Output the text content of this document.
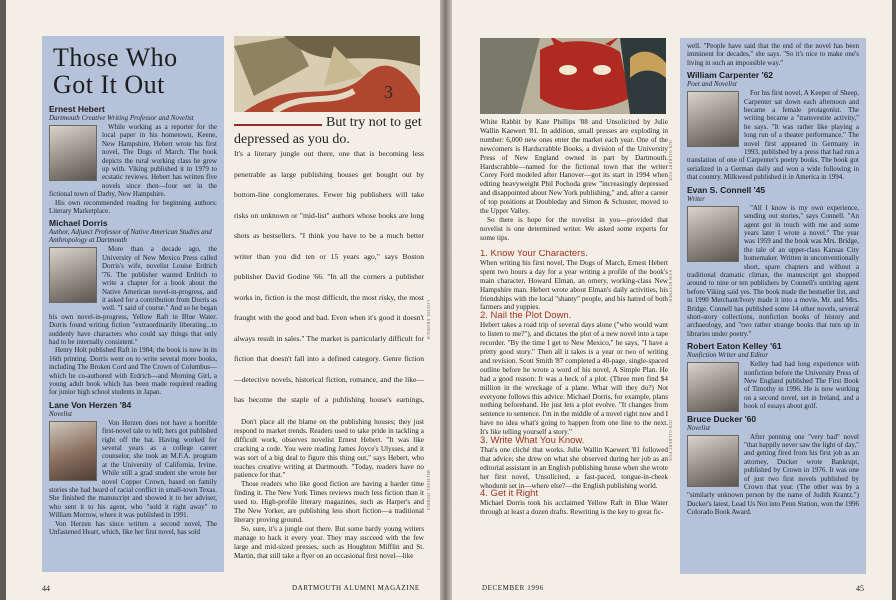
Those Who
Got It Out
Ernest Hebert
Dartmouth Creative Writing Professor and Novelist

While working as a reporter for the local paper in his hometown, Keene, New Hampshire, Hebert wrote his first novel, The Dogs of March. The book depicts the rural working class he grew up with. Viking published it in 1979 to ecstatic reviews. Hebert has written five novels since then—four set in the fictional town of Darby, New Hampshire.

His own recommended reading for beginning authors: Literary Marketplace.

Michael Dorris
Author, Adjunct Professor of Native American Studies and Anthropology at Dartmouth

More than a decade ago, the University of New Mexico Press called Dorris's wife, novelist Louise Erdrich '76. The publisher wanted Erdrich to write a chapter for a book about the Native American novel-in-progress, and it asked for a contribution from Dorris as well. "I said of course." And so he began his own novel-in-progress, Yellow Raft in Blue Water. Dorris found writing fiction "extraordinarily liberating...to suddenly have characters who could say things that only had to be internally consistent."

Henry Holt published Raft in 1984; the book is now in its 16th printing. Dorris went on to write several more books, including The Broken Cord and The Crown of Columbus—which he co-authored with Erdrich—and Morning Girl, a young adult book which has been made required reading for junior high school students in Japan.

Lane Von Herzen '84
Novelist

Von Herzen does not have a horrible first-novel tale to tell; hers got published right off the bat. Having worked for several years as a college career counselor, she took an M.F.A. program at the University of California, Irvine. While still a grad student she wrote her novel Copper Crown, based on family stories she had heard of racial conflict in small-town Texas. She finished the manuscript and showed it to her adviser, who sent it to his agent, who "sold it right away" to William Morrow, where it was published in 1991.

Von Herzen has since written a second novel, The Unfastened Heart, which, like her first novel, has sold

3
But try not to get depressed as you do.

It's a literary jungle out there, one that is becoming less penetrable as large publishing houses get bought out by bottom-line conglomerates. Fewer big publishers will take risks on unknown or "mid-list" authors whose books are long shots as bestsellers. "I think you have to be a much better writer than you did ten or 15 years ago," says Boston publisher David Godine '66. "In all the corners a publisher works in, fiction is the most difficult, the most risky, the most fraught with the good and bad. Even when it's good it doesn't always result in sales." The market is particularly difficult for fiction that doesn't fall into a defined category. Genre fiction—detective novels, historical fiction, romance, and the like—has become the staple of a publishing house's earnings,

Don't place all the blame on the publishing houses; they just respond to market trends. Readers used to take pride in tackling a difficult work, observes novelist Ernest Hebert. "It was like cracking a code. You were reading James Joyce's Ulysses, and it was sort of a big deal to figure this thing out," says Hebert, who teaches creative writing at Dartmouth. "Today, readers have no patience for that."

Those readers who like good fiction are having a harder time finding it. The New York Times reviews much less fiction than it used to. High-profile literary magazines, such as Harper's and The New Yorker, are publishing less short fiction—a traditional literary proving ground.

So, sure, it's a jungle out there. But some hardy young writers manage to hack it every year. They may succeed with the few large and mid-sized presses, such as Houghton Mifflin and St. Martin, that still take a flyer on an occasional first novel—like

LOUISE ERDRICH
MICHAEL DORRIS
44	DARTMOUTH ALUMNI MAGAZINE

White Rabbit by Kate Phillips '88 and Unsolicited by Julie Wallin Kaewert '81. In addition, small presses are exploding in number: 6,000 new ones enter the market each year. One of the newcomers is Hardscrabble Books, a division of the University Press of New England owned in part by Dartmouth. Hardscrabble—named for the fictional town that the writer Corey Ford modeled after Hanover—got its start in 1994 when editing heavyweight Phil Pochoda grew "increasingly depressed and disappointed about New York publishing," and, after a career of top positions at Doubleday and Simon & Schuster, moved to the Upper Valley.

So there is hope for the novelist in you—provided that novelist is one determined writer. We asked some experts for some tips.

1. Know Your Characters.

When writing his first novel, The Dogs of March, Ernest Hebert spent two hours a day for a year writing a profile of the book's main character, Howard Elman, an ornery, working-class New Hampshire man. Hebert wrote about Elman's daily activities, his friendships with the local "shanty" people, and his hatred of both farmers and yuppies.

2. Nail the Plot Down.

Hebert takes a road trip of several days alone ("who would want to listen to me?"), and dictates the plot of a new novel into a tape recorder. "By the time I get to New Mexico," he says, "I have a pretty good story." Then all it takes is a year or two of writing and revision. Scott Smith '87 completed a 40-page, single-spaced outline before he wrote a word of his novel, A Simple Plan. He had a good reason: It was a heck of a plot. (Three men find $4 million in the wreckage of a plane. What will they do?) Not everyone follows this advice. Michael Dorris, for example, plans nothing beforehand. He just lets a plot evolve. "It changes from sentence to sentence. I'm in the middle of a novel right now and I have no idea what's going to happen from one line to the next. It's like telling yourself a story."

3. Write What You Know.

That's one cliché that works. Julie Wallin Kaewert '81 followed that advice; she drew on what she observed during her job as an editorial assistant in an English publishing house when she wrote her first novel, Unsolicited, a fast-paced, tongue-in-cheek whodunit set in—where else?—the English publishing world.

4. Get it Right

Michael Dorris took his acclaimed Yellow Raft in Blue Water through at least a dozen drafts. Rewriting is the key to great fic-

JON GILBERT FOX
SAM KITTNER
JON GILBERT FOX
well. "People have said that the end of the novel has been imminent for decades," she says. "So it's nice to make one's living in such an impossible way."
William Carpenter '62
Poet and Novelist

For his first novel, A Keeper of Sheep, Carpenter sat down each afternoon and became a female protagonist. The writing became a "transvestite activity," he says. "It was rather like playing a long run of a theater performance." The novel first appeared in Germany in 1993, published by a press that had run a translation of one of Carpenter's poetry books. The book got serialized in a German daily and won a wide following in that country. Milkweed published it in America in 1994.

Evan S. Connell '45
Writer

"All I know is my own experience, sending out stories," says Connell. "An agent got in touch with me and some years later I wrote a novel." The year was 1959 and the book was Mrs. Bridge, the tale of an upper-class Kansas City homemaker. Written in unconventionally short, spare chapters and without a traditional dramatic climax, the manuscript got shopped around to nine or ten publishers by Connell's untiring agent before Viking said yes. The book made the bestseller list, and in 1990 Merchant/Ivory made it into a movie, Mr. and Mrs. Bridge. Connell has published some 14 other novels, several short-story collections, nonfiction books of history and archaeology, and "two rather strange books that turn up in libraries under poetry."

Robert Eaton Kelley '61
Nonfiction Writer and Editor

Kelley had had long experience with nonfiction before the University Press of New England published The First Book of Timothy in 1996. He is now working on a second novel, set in Ireland, and a book of essays about golf.

Bruce Ducker '60
Novelist

After penning one "very bad" novel "that happily never saw the light of day," and getting fired from his first job as an attorney, Ducker wrote Bankrupt, published by Crown in 1976. It was one of just two first novels published by Crown that year. (The other was by a "similarly unknown person by the name of Judith Krantz.") Ducker's latest, Lead Us Not into Penn Station, won the 1996 Colorado Book Award.

DECEMBER 1996	45
